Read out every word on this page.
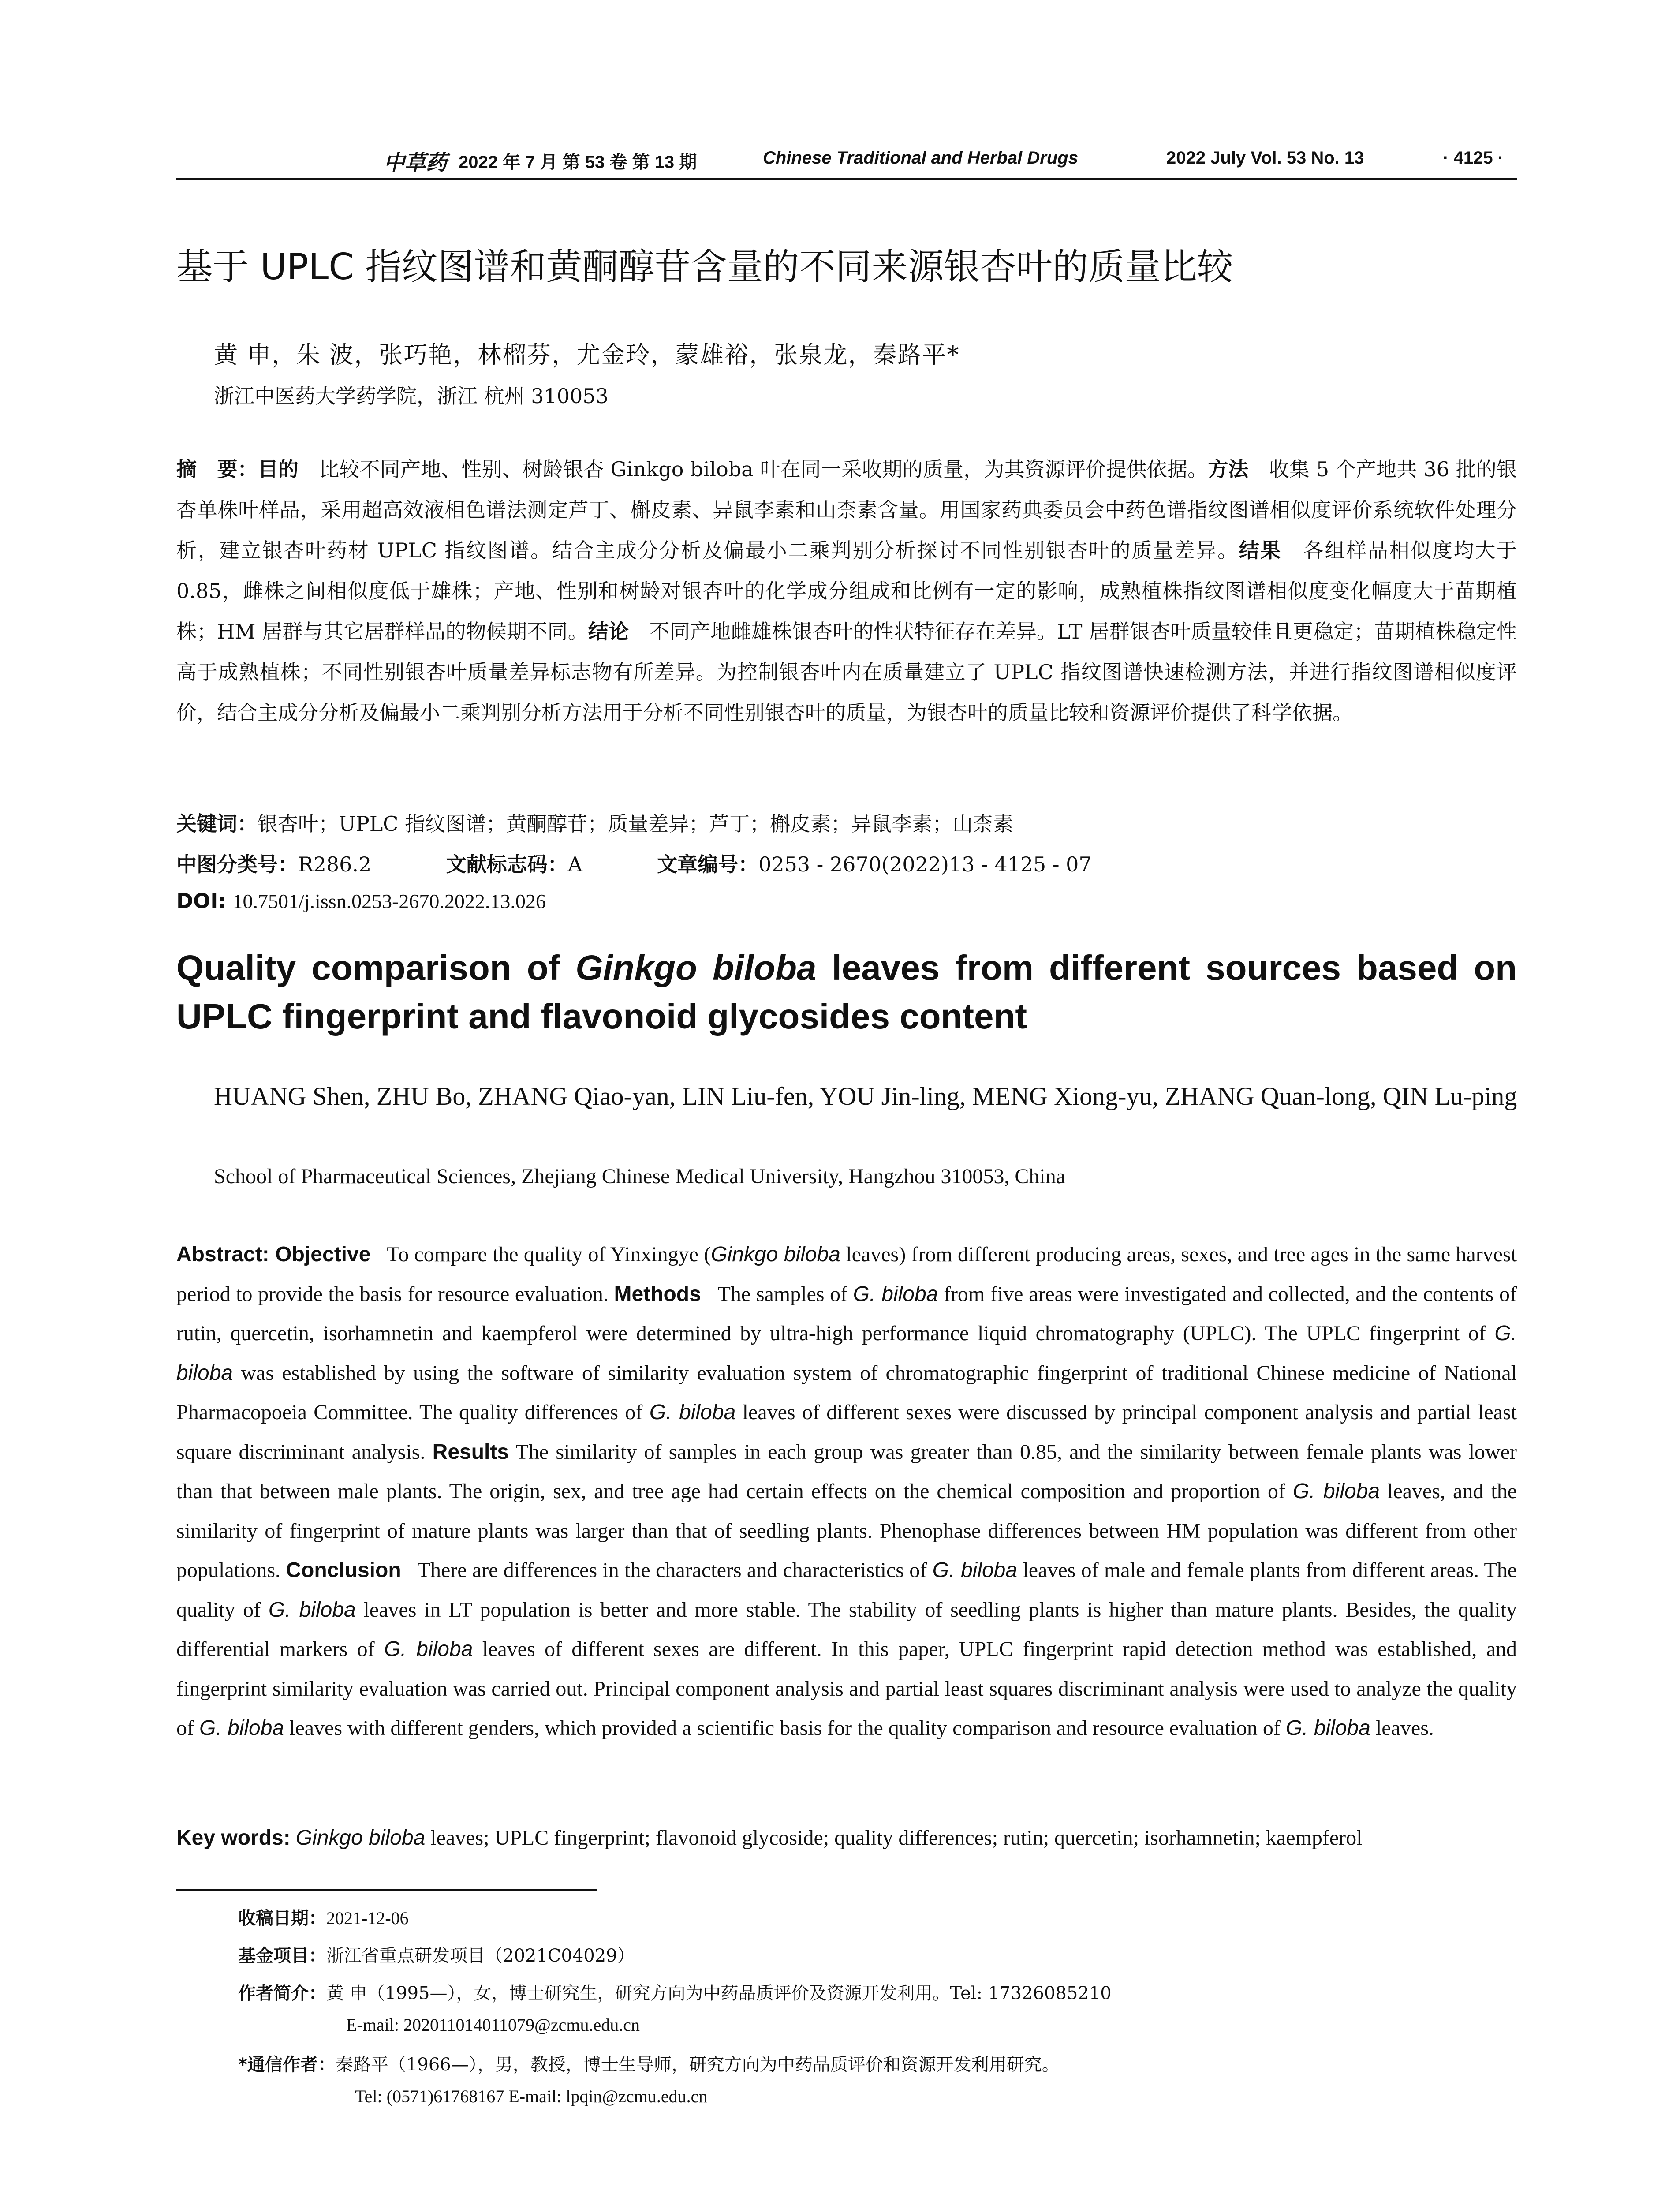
中草药 2022 年 7 月 第 53 卷 第 13 期	Chinese Traditional and Herbal Drugs	2022 July Vol. 53 No. 13	· 4125 ·
基于 UPLC 指纹图谱和黄酮醇苷含量的不同来源银杏叶的质量比较
黄 申，朱 波，张巧艳，林榴芬，尤金玲，蒙雄裕，张泉龙，秦路平*
浙江中医药大学药学院，浙江 杭州 310053
摘　要：目的　 比较不同产地、性别、树龄银杏 Ginkgo biloba 叶在同一采收期的质量，为其资源评价提供依据。方法　 收集 5 个产地共 36 批的银杏单株叶样品，采用超高效液相色谱法测定芦丁、槲皮素、异鼠李素和山柰素含量。用国家药典委员会中药色谱指纹图谱相似度评价系统软件处理分析，建立银杏叶药材 UPLC 指纹图谱。结合主成分分析及偏最小二乘判别分析探讨不同性别银杏叶的质量差异。结果　 各组样品相似度均大于 0.85，雌株之间相似度低于雄株；产地、性别和树龄对银杏叶的化学成分组成和比例有一定的影响，成熟植株指纹图谱相似度变化幅度大于苗期植株；HM 居群与其它居群样品的物候期不同。结论　 不同产地雌雄株银杏叶的性状特征存在差异。LT 居群银杏叶质量较佳且更稳定；苗期植株稳定性高于成熟植株；不同性别银杏叶质量差异标志物有所差异。为控制银杏叶内在质量建立了 UPLC 指纹图谱快速检测方法，并进行指纹图谱相似度评价，结合主成分分析及偏最小二乘判别分析方法用于分析不同性别银杏叶的质量，为银杏叶的质量比较和资源评价提供了科学依据。
关键词：银杏叶；UPLC 指纹图谱；黄酮醇苷；质量差异；芦丁；槲皮素；异鼠李素；山柰素
中图分类号：R286.2	文献标志码：A	文章编号：0253 - 2670(2022)13 - 4125 - 07
DOI: 10.7501/j.issn.0253-2670.2022.13.026
Quality comparison of Ginkgo biloba leaves from different sources based on UPLC fingerprint and flavonoid glycosides content
HUANG Shen, ZHU Bo, ZHANG Qiao-yan, LIN Liu-fen, YOU Jin-ling, MENG Xiong-yu, ZHANG Quan-long, QIN Lu-ping
School of Pharmaceutical Sciences, Zhejiang Chinese Medical University, Hangzhou 310053, China
Abstract: Objective To compare the quality of Yinxingye (Ginkgo biloba leaves) from different producing areas, sexes, and tree ages in the same harvest period to provide the basis for resource evaluation. Methods The samples of G. biloba from five areas were investigated and collected, and the contents of rutin, quercetin, isorhamnetin and kaempferol were determined by ultra-high performance liquid chromatography (UPLC). The UPLC fingerprint of G. biloba was established by using the software of similarity evaluation system of chromatographic fingerprint of traditional Chinese medicine of National Pharmacopoeia Committee. The quality differences of G. biloba leaves of different sexes were discussed by principal component analysis and partial least square discriminant analysis. Results The similarity of samples in each group was greater than 0.85, and the similarity between female plants was lower than that between male plants. The origin, sex, and tree age had certain effects on the chemical composition and proportion of G. biloba leaves, and the similarity of fingerprint of mature plants was larger than that of seedling plants. Phenophase differences between HM population was different from other populations. Conclusion There are differences in the characters and characteristics of G. biloba leaves of male and female plants from different areas. The quality of G. biloba leaves in LT population is better and more stable. The stability of seedling plants is higher than mature plants. Besides, the quality differential markers of G. biloba leaves of different sexes are different. In this paper, UPLC fingerprint rapid detection method was established, and fingerprint similarity evaluation was carried out. Principal component analysis and partial least squares discriminant analysis were used to analyze the quality of G. biloba leaves with different genders, which provided a scientific basis for the quality comparison and resource evaluation of G. biloba leaves.
Key words: Ginkgo biloba leaves; UPLC fingerprint; flavonoid glycoside; quality differences; rutin; quercetin; isorhamnetin; kaempferol
收稿日期：2021-12-06
基金项目：浙江省重点研发项目（2021C04029）
作者简介：黄 申（1995—），女，博士研究生，研究方向为中药品质评价及资源开发利用。Tel: 17326085210
E-mail: 202011014011079@zcmu.edu.cn
*通信作者：秦路平（1966—），男，教授，博士生导师，研究方向为中药品质评价和资源开发利用研究。
Tel: (0571)61768167 E-mail: lpqin@zcmu.edu.cn
